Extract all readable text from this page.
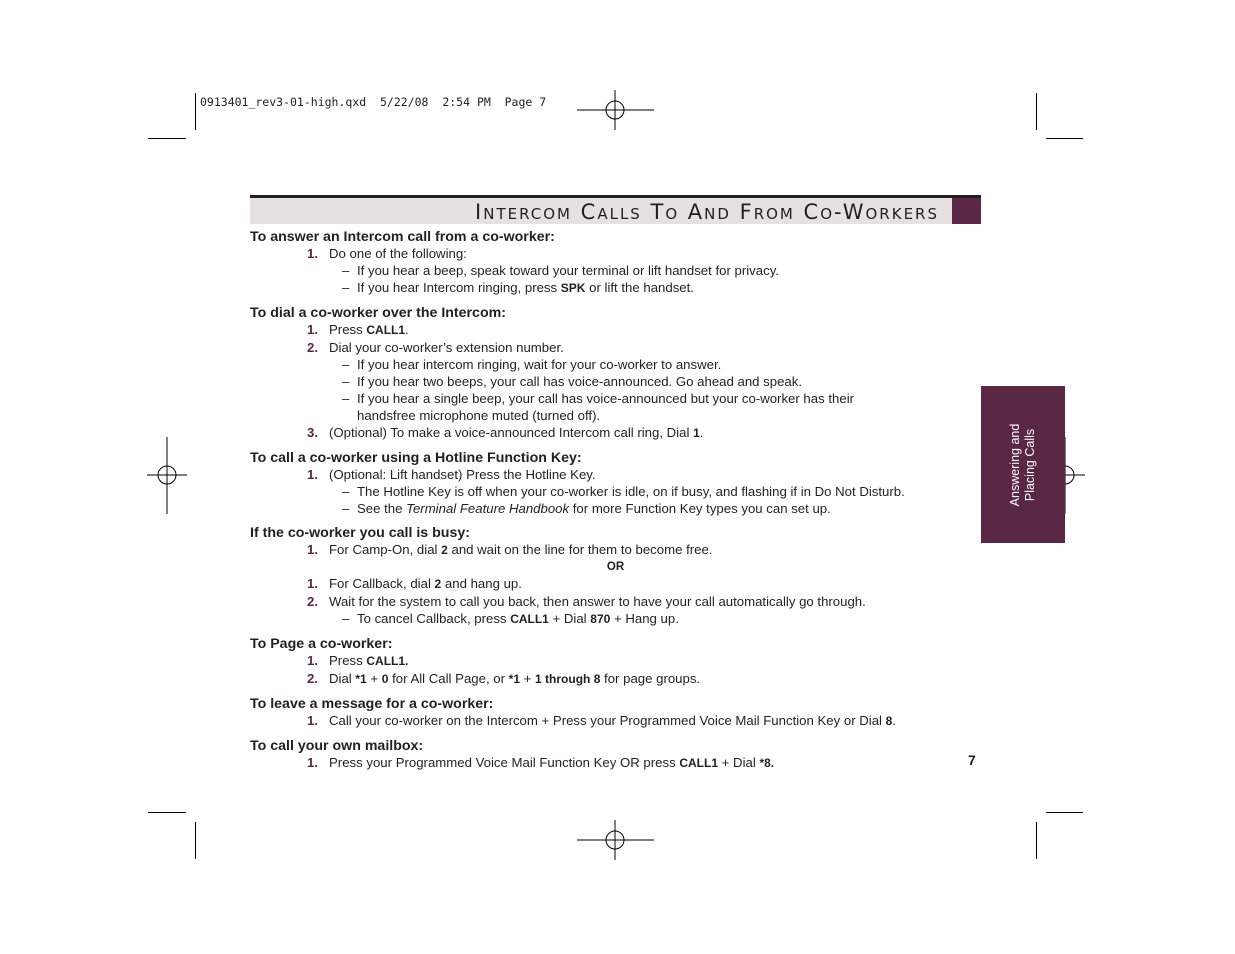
0913401_rev3-01-high.qxd  5/22/08  2:54 PM  Page 7
Intercom Calls To And From Co-Workers
Answering and Placing Calls

To answer an Intercom call from a co-worker:

1. Do one of the following:
– If you hear a beep, speak toward your terminal or lift handset for privacy.
– If you hear Intercom ringing, press SPK or lift the handset.

To dial a co-worker over the Intercom:

1. Press CALL1.
2. Dial your co-worker’s extension number.
– If you hear intercom ringing, wait for your co-worker to answer.
– If you hear two beeps, your call has voice-announced. Go ahead and speak.
– If you hear a single beep, your call has voice-announced but your co-worker has their
handsfree microphone muted (turned off).
3. (Optional) To make a voice-announced Intercom call ring, Dial 1.

To call a co-worker using a Hotline Function Key:

1. (Optional: Lift handset) Press the Hotline Key.
– The Hotline Key is off when your co-worker is idle, on if busy, and flashing if in Do Not Disturb.
– See the Terminal Feature Handbook for more Function Key types you can set up.

If the co-worker you call is busy:

1. For Camp-On, dial 2 and wait on the line for them to become free.
OR
1. For Callback, dial 2 and hang up.
2. Wait for the system to call you back, then answer to have your call automatically go through.
– To cancel Callback, press CALL1 + Dial 870 + Hang up.

To Page a co-worker:

1. Press CALL1.
2. Dial *1 + 0 for All Call Page, or *1 + 1 through 8 for page groups.

To leave a message for a co-worker:

1. Call your co-worker on the Intercom + Press your Programmed Voice Mail Function Key or Dial 8.

To call your own mailbox:

1. Press your Programmed Voice Mail Function Key OR press CALL1 + Dial *8.	7
